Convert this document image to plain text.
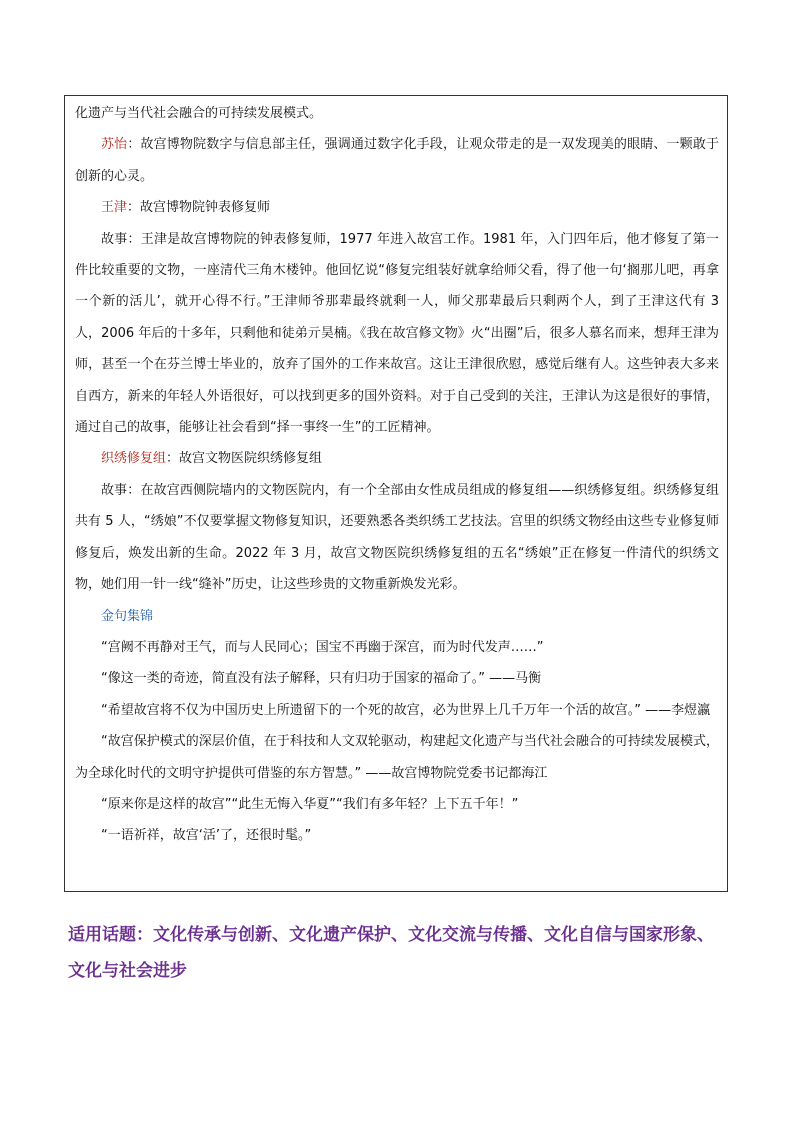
化遗产与当代社会融合的可持续发展模式。

苏怡：故宫博物院数字与信息部主任，强调通过数字化手段，让观众带走的是一双发现美的眼睛、一颗敢于创新的心灵。

王津：故宫博物院钟表修复师

故事：王津是故宫博物院的钟表修复师，1977 年进入故宫工作。1981 年，入门四年后，他才修复了第一件比较重要的文物，一座清代三角木楼钟。他回忆说“修复完组装好就拿给师父看，得了他一句‘搁那儿吧，再拿一个新的活儿’，就开心得不行。”王津师爷那辈最终就剩一人，师父那辈最后只剩两个人，到了王津这代有 3 人，2006 年后的十多年，只剩他和徒弟亓昊楠。《我在故宫修文物》火“出圈”后，很多人慕名而来，想拜王津为师，甚至一个在芬兰博士毕业的，放弃了国外的工作来故宫。这让王津很欣慰，感觉后继有人。这些钟表大多来自西方，新来的年轻人外语很好，可以找到更多的国外资料。对于自己受到的关注，王津认为这是很好的事情，通过自己的故事，能够让社会看到“择一事终一生”的工匠精神。

织绣修复组：故宫文物医院织绣修复组

故事：在故宫西侧院墙内的文物医院内，有一个全部由女性成员组成的修复组——织绣修复组。织绣修复组共有 5 人，“绣娘”不仅要掌握文物修复知识，还要熟悉各类织绣工艺技法。宫里的织绣文物经由这些专业修复师修复后，焕发出新的生命。2022 年 3 月，故宫文物医院织绣修复组的五名“绣娘”正在修复一件清代的织绣文物，她们用一针一线“缝补”历史，让这些珍贵的文物重新焕发光彩。

金句集锦

“宫阙不再静对王气，而与人民同心；国宝不再幽于深宫，而为时代发声……”

“像这一类的奇迹，简直没有法子解释，只有归功于国家的福命了。” ——马衡

“希望故宫将不仅为中国历史上所遗留下的一个死的故宫，必为世界上几千万年一个活的故宫。” ——李煜瀛

“故宫保护模式的深层价值，在于科技和人文双轮驱动，构建起文化遗产与当代社会融合的可持续发展模式，为全球化时代的文明守护提供可借鉴的东方智慧。” ——故宫博物院党委书记都海江

“原来你是这样的故宫”“此生无悔入华夏”“我们有多年轻？上下五千年！”

“一语祈祥，故宫‘活’了，还很时髦。”

适用话题：文化传承与创新、文化遗产保护、文化交流与传播、文化自信与国家形象、文化与社会进步
